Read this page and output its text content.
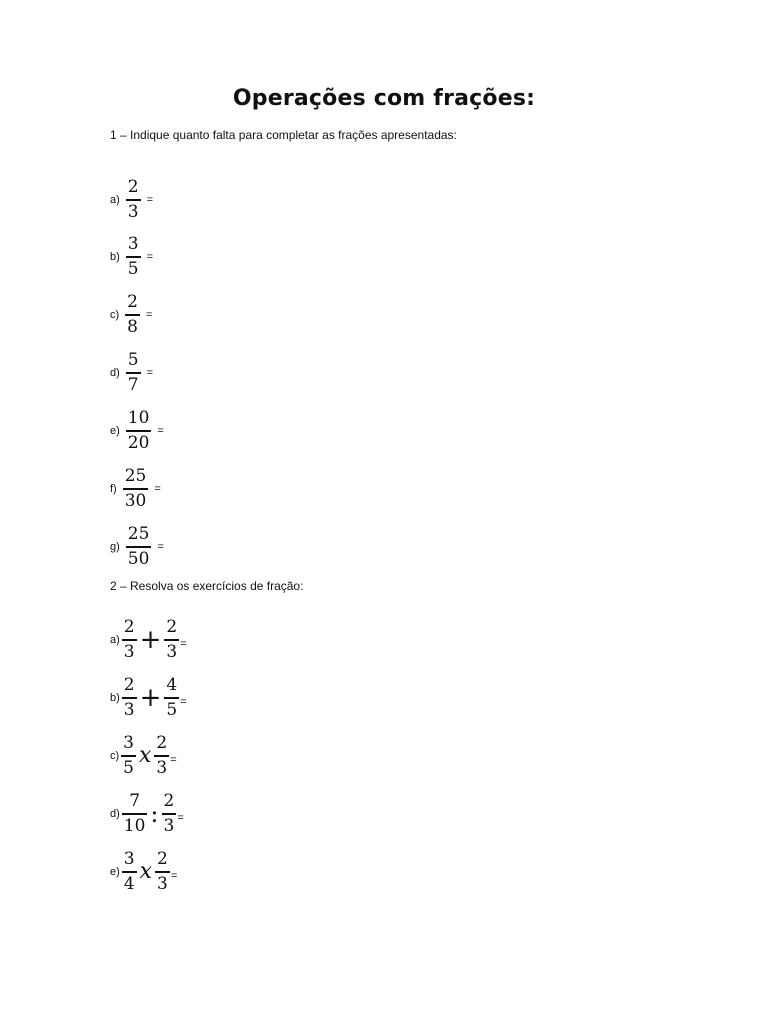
Operações com frações:
1 – Indique quanto falta para completar as frações apresentadas:
$a) \frac{2}{3}$ =
$b) \frac{3}{5}$ =
$c) \frac{2}{8}$ =
$d) \frac{5}{7}$ =
$e) \frac{10}{20}$ =
$f) \frac{25}{30}$ =
$g) \frac{25}{50}$ =
2 – Resolva os exercícios de fração:
$a) \frac{2}{3} + \frac{2}{3}$ =
$b) \frac{2}{3} + \frac{4}{5}$ =
$c) \frac{3}{5}$ x $\frac{2}{3}$ =
$d) \frac{7}{10}$ : $\frac{2}{3}$ =
$e) \frac{3}{4}$ x $\frac{2}{3}$ =
